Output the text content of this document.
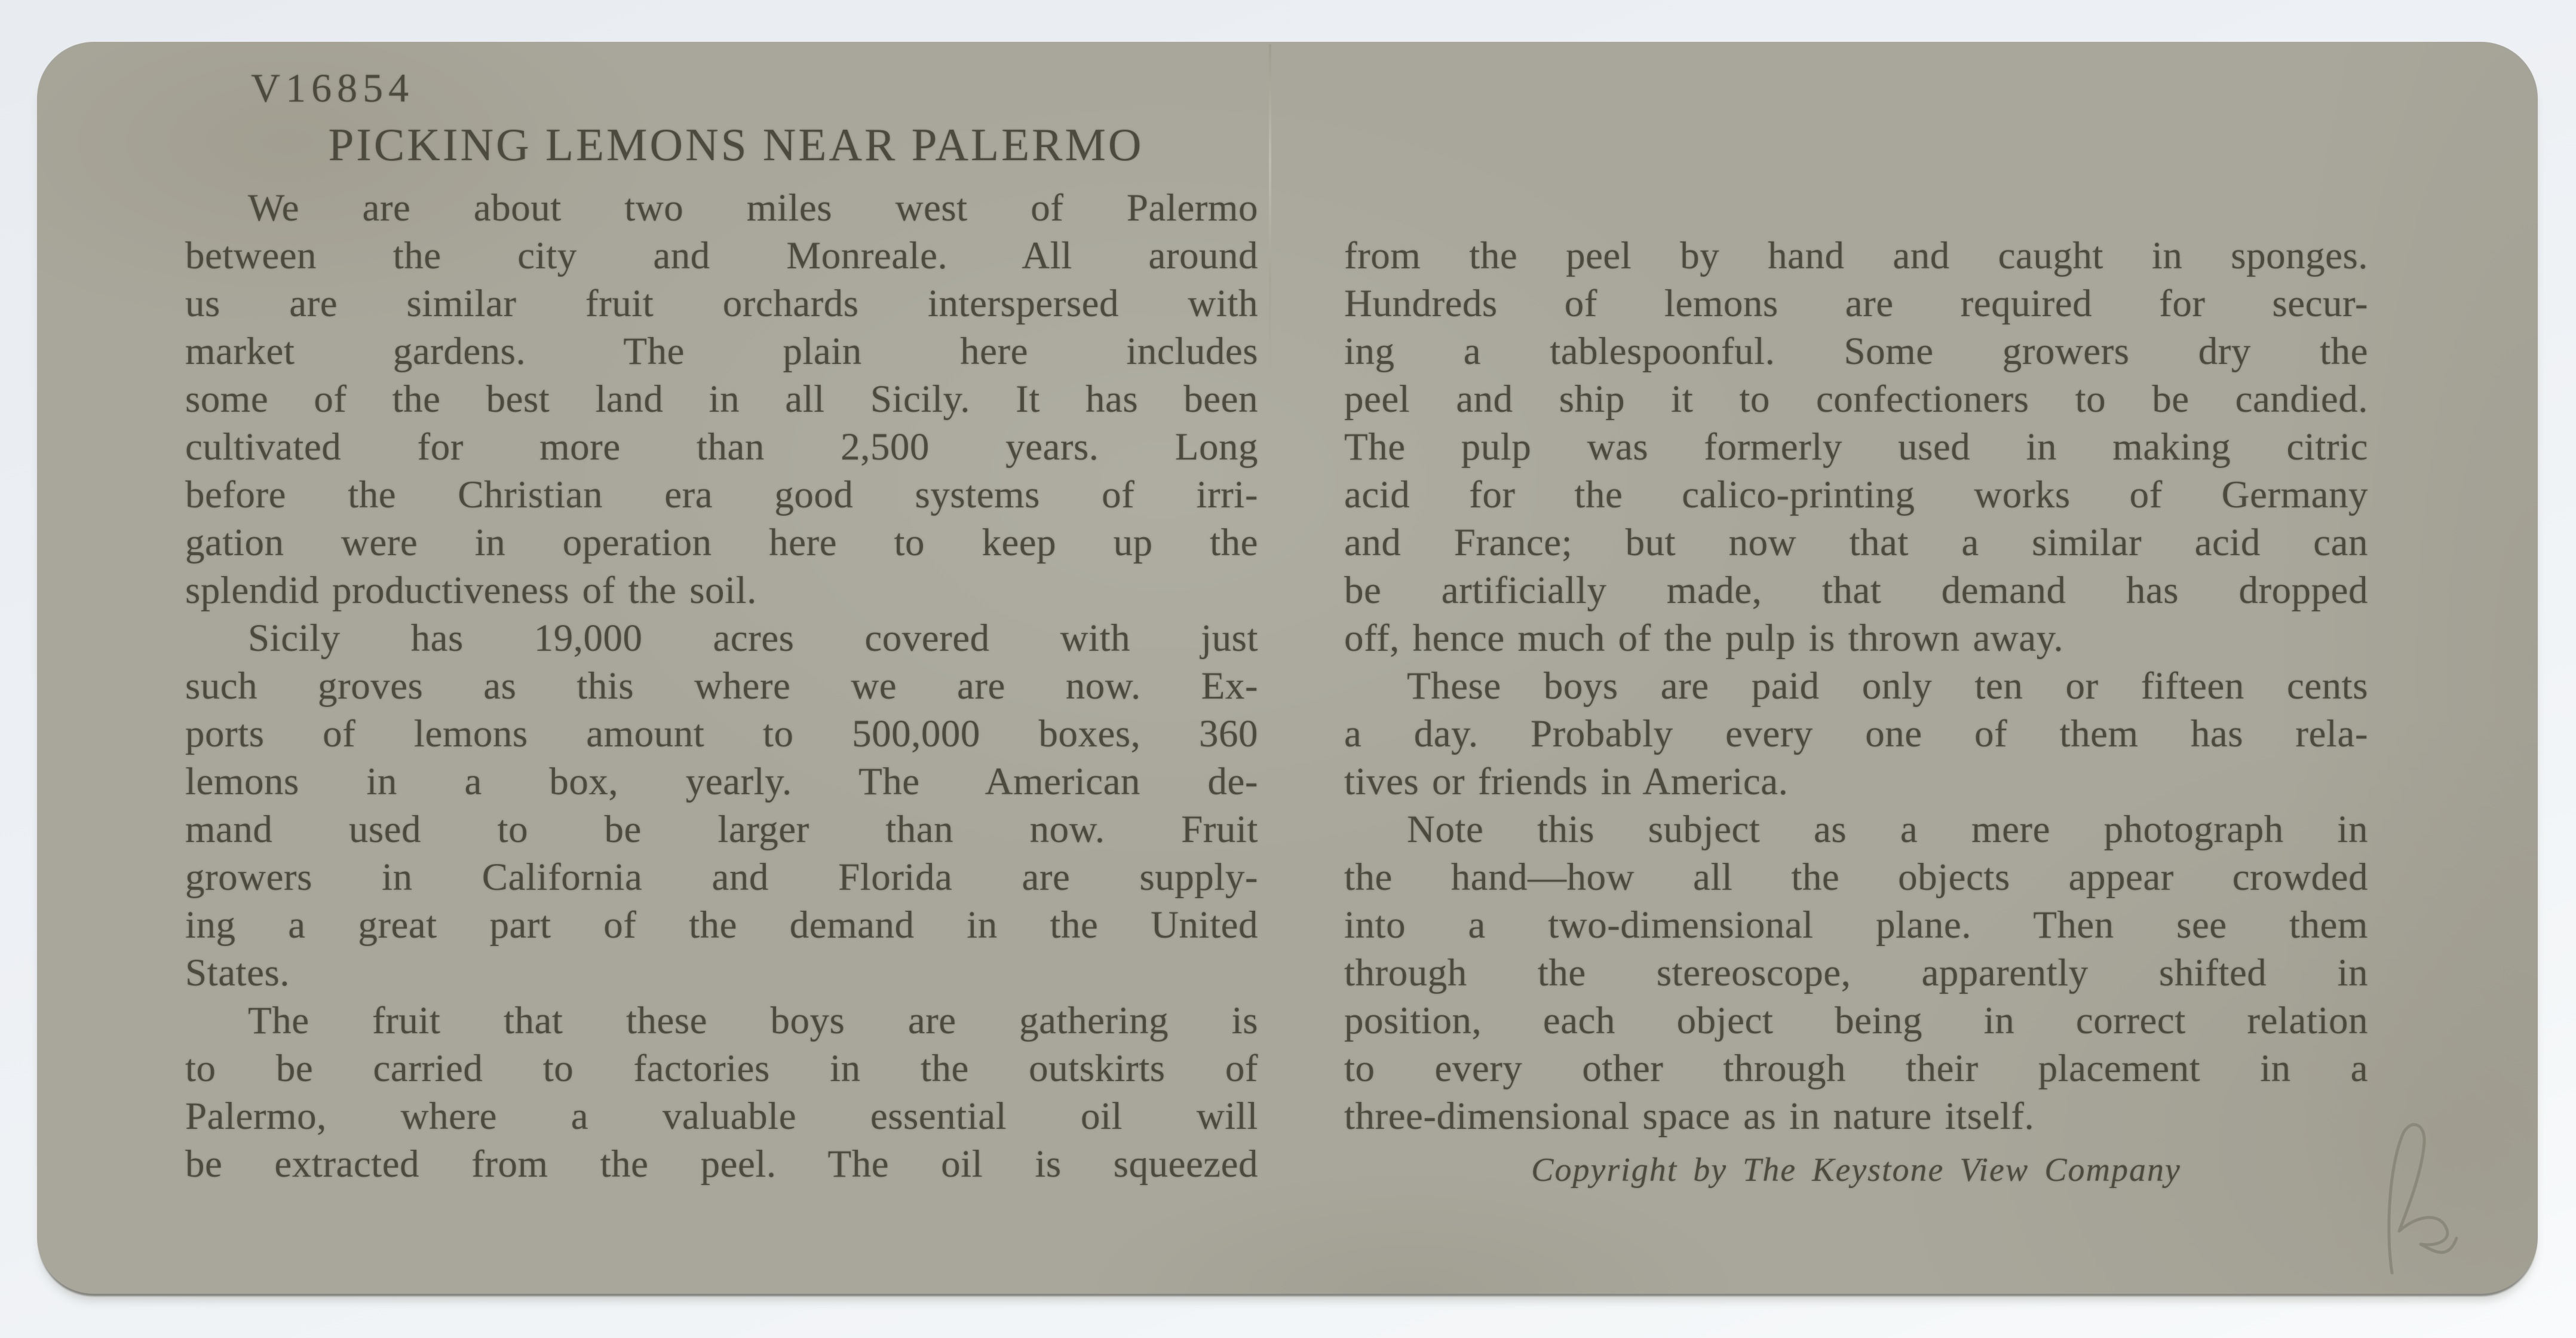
V16854
PICKING LEMONS NEAR PALERMO
We are about two miles west of Palermo
between the city and Monreale. All around
us are similar fruit orchards interspersed with
market gardens. The plain here includes
some of the best land in all Sicily. It has been
cultivated for more than 2,500 years. Long
before the Christian era good systems of irri-
gation were in operation here to keep up the
splendid productiveness of the soil.
Sicily has 19,000 acres covered with just
such groves as this where we are now. Ex-
ports of lemons amount to 500,000 boxes, 360
lemons in a box, yearly. The American de-
mand used to be larger than now. Fruit
growers in California and Florida are supply-
ing a great part of the demand in the United
States.
The fruit that these boys are gathering is
to be carried to factories in the outskirts of
Palermo, where a valuable essential oil will
be extracted from the peel. The oil is squeezed
from the peel by hand and caught in sponges.
Hundreds of lemons are required for secur-
ing a tablespoonful. Some growers dry the
peel and ship it to confectioners to be candied.
The pulp was formerly used in making citric
acid for the calico-printing works of Germany
and France; but now that a similar acid can
be artificially made, that demand has dropped
off, hence much of the pulp is thrown away.
These boys are paid only ten or fifteen cents
a day. Probably every one of them has rela-
tives or friends in America.
Note this subject as a mere photograph in
the hand—how all the objects appear crowded
into a two-dimensional plane. Then see them
through the stereoscope, apparently shifted in
position, each object being in correct relation
to every other through their placement in a
three-dimensional space as in nature itself.
Copyright by The Keystone View Company
